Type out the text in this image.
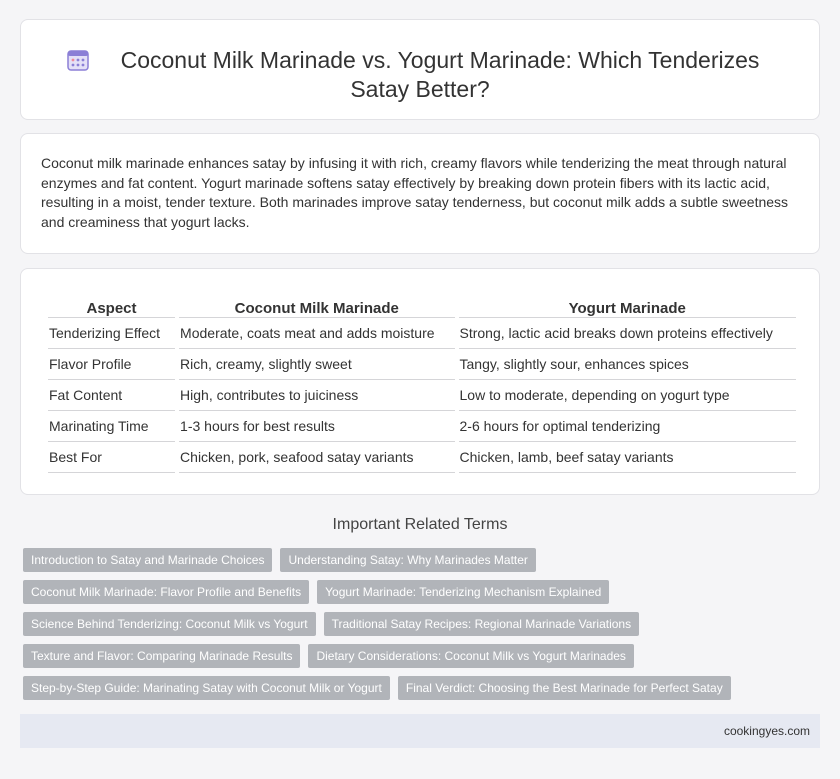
Coconut Milk Marinade vs. Yogurt Marinade: Which Tenderizes
Satay Better?

Coconut milk marinade enhances satay by infusing it with rich, creamy flavors while tenderizing the meat through natural enzymes and fat content. Yogurt marinade softens satay effectively by breaking down protein fibers with its lactic acid, resulting in a moist, tender texture. Both marinades improve satay tenderness, but coconut milk adds a subtle sweetness and creaminess that yogurt lacks.

Aspect	Coconut Milk Marinade	Yogurt Marinade
Tenderizing Effect	Moderate, coats meat and adds moisture	Strong, lactic acid breaks down proteins effectively
Flavor Profile	Rich, creamy, slightly sweet	Tangy, slightly sour, enhances spices
Fat Content	High, contributes to juiciness	Low to moderate, depending on yogurt type
Marinating Time	1-3 hours for best results	2-6 hours for optimal tenderizing
Best For	Chicken, pork, seafood satay variants	Chicken, lamb, beef satay variants
Important Related Terms
Introduction to Satay and Marinade Choices	Understanding Satay: Why Marinades Matter
Coconut Milk Marinade: Flavor Profile and Benefits	Yogurt Marinade: Tenderizing Mechanism Explained
Science Behind Tenderizing: Coconut Milk vs Yogurt	Traditional Satay Recipes: Regional Marinade Variations
Texture and Flavor: Comparing Marinade Results	Dietary Considerations: Coconut Milk vs Yogurt Marinades
Step-by-Step Guide: Marinating Satay with Coconut Milk or Yogurt	Final Verdict: Choosing the Best Marinade for Perfect Satay
cookingyes.com
